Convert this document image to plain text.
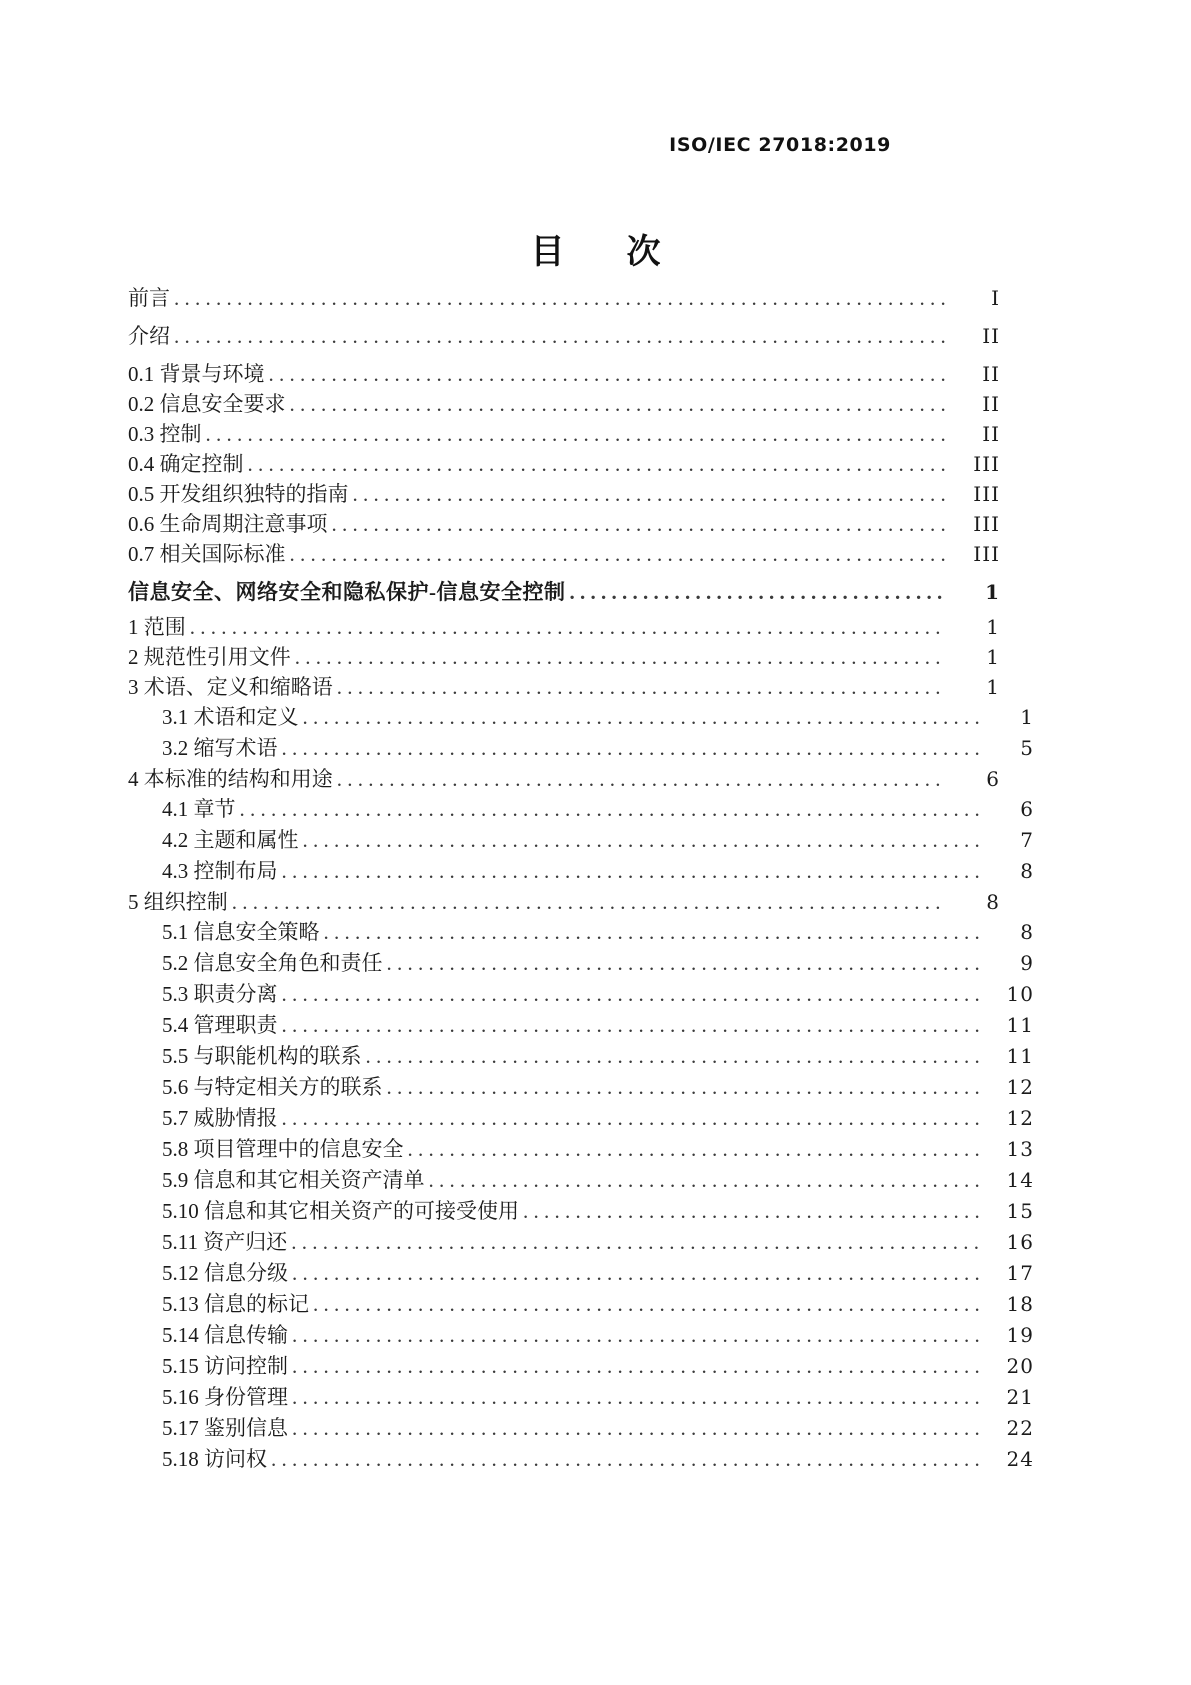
ISO/IEC 27018:2019
目　次
前言 . . .	I
介绍 . . .	II
0.1 背景与环境 . . .	II
0.2 信息安全要求 . . .	II
0.3 控制 . . .	II
0.4 确定控制 . . .	III
0.5 开发组织独特的指南 . . .	III
0.6 生命周期注意事项 . . .	III
0.7 相关国际标准 . . .	III
信息安全、网络安全和隐私保护-信息安全控制 . . .	1
1 范围 . . .	1
2 规范性引用文件 . . .	1
3 术语、定义和缩略语 . . .	1
3.1 术语和定义 . . .	1
3.2 缩写术语 . . .	5
4 本标准的结构和用途 . . .	6
4.1 章节 . . .	6
4.2 主题和属性 . . .	7
4.3 控制布局 . . .	8
5 组织控制 . . .	8
5.1 信息安全策略 . . .	8
5.2 信息安全角色和责任 . . .	9
5.3 职责分离 . . .	10
5.4 管理职责 . . .	11
5.5 与职能机构的联系 . . .	11
5.6 与特定相关方的联系 . . .	12
5.7 威胁情报 . . .	12
5.8 项目管理中的信息安全 . . .	13
5.9 信息和其它相关资产清单 . . .	14
5.10 信息和其它相关资产的可接受使用 . . .	15
5.11 资产归还 . . .	16
5.12 信息分级 . . .	17
5.13 信息的标记 . . .	18
5.14 信息传输 . . .	19
5.15 访问控制 . . .	20
5.16 身份管理 . . .	21
5.17 鉴别信息 . . .	22
5.18 访问权 . . .	24
